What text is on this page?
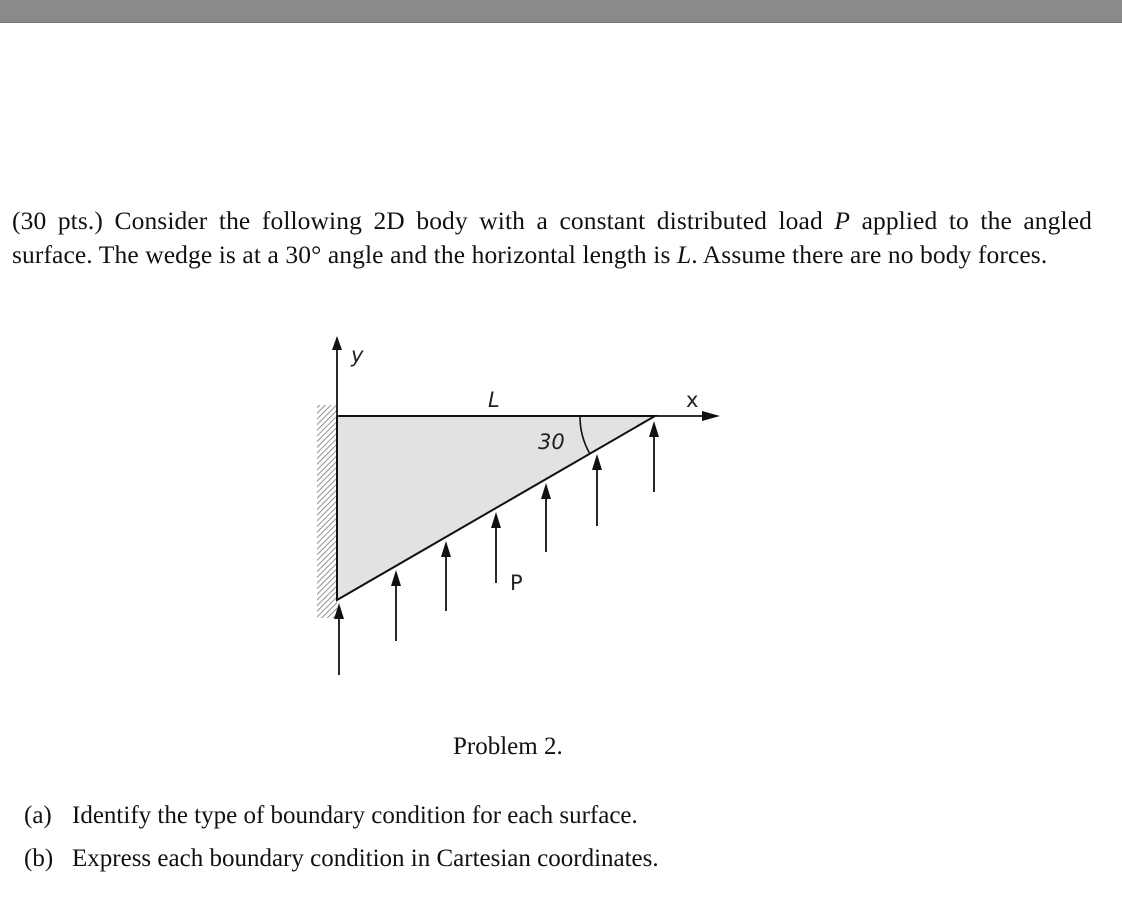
(30 pts.) Consider the following 2D body with a constant distributed load P applied to the angled surface. The wedge is at a 30° angle and the horizontal length is L. Assume there are no body forces.
y
x
L
30
P
Problem 2.
(a) Identify the type of boundary condition for each surface.
(b) Express each boundary condition in Cartesian coordinates.
